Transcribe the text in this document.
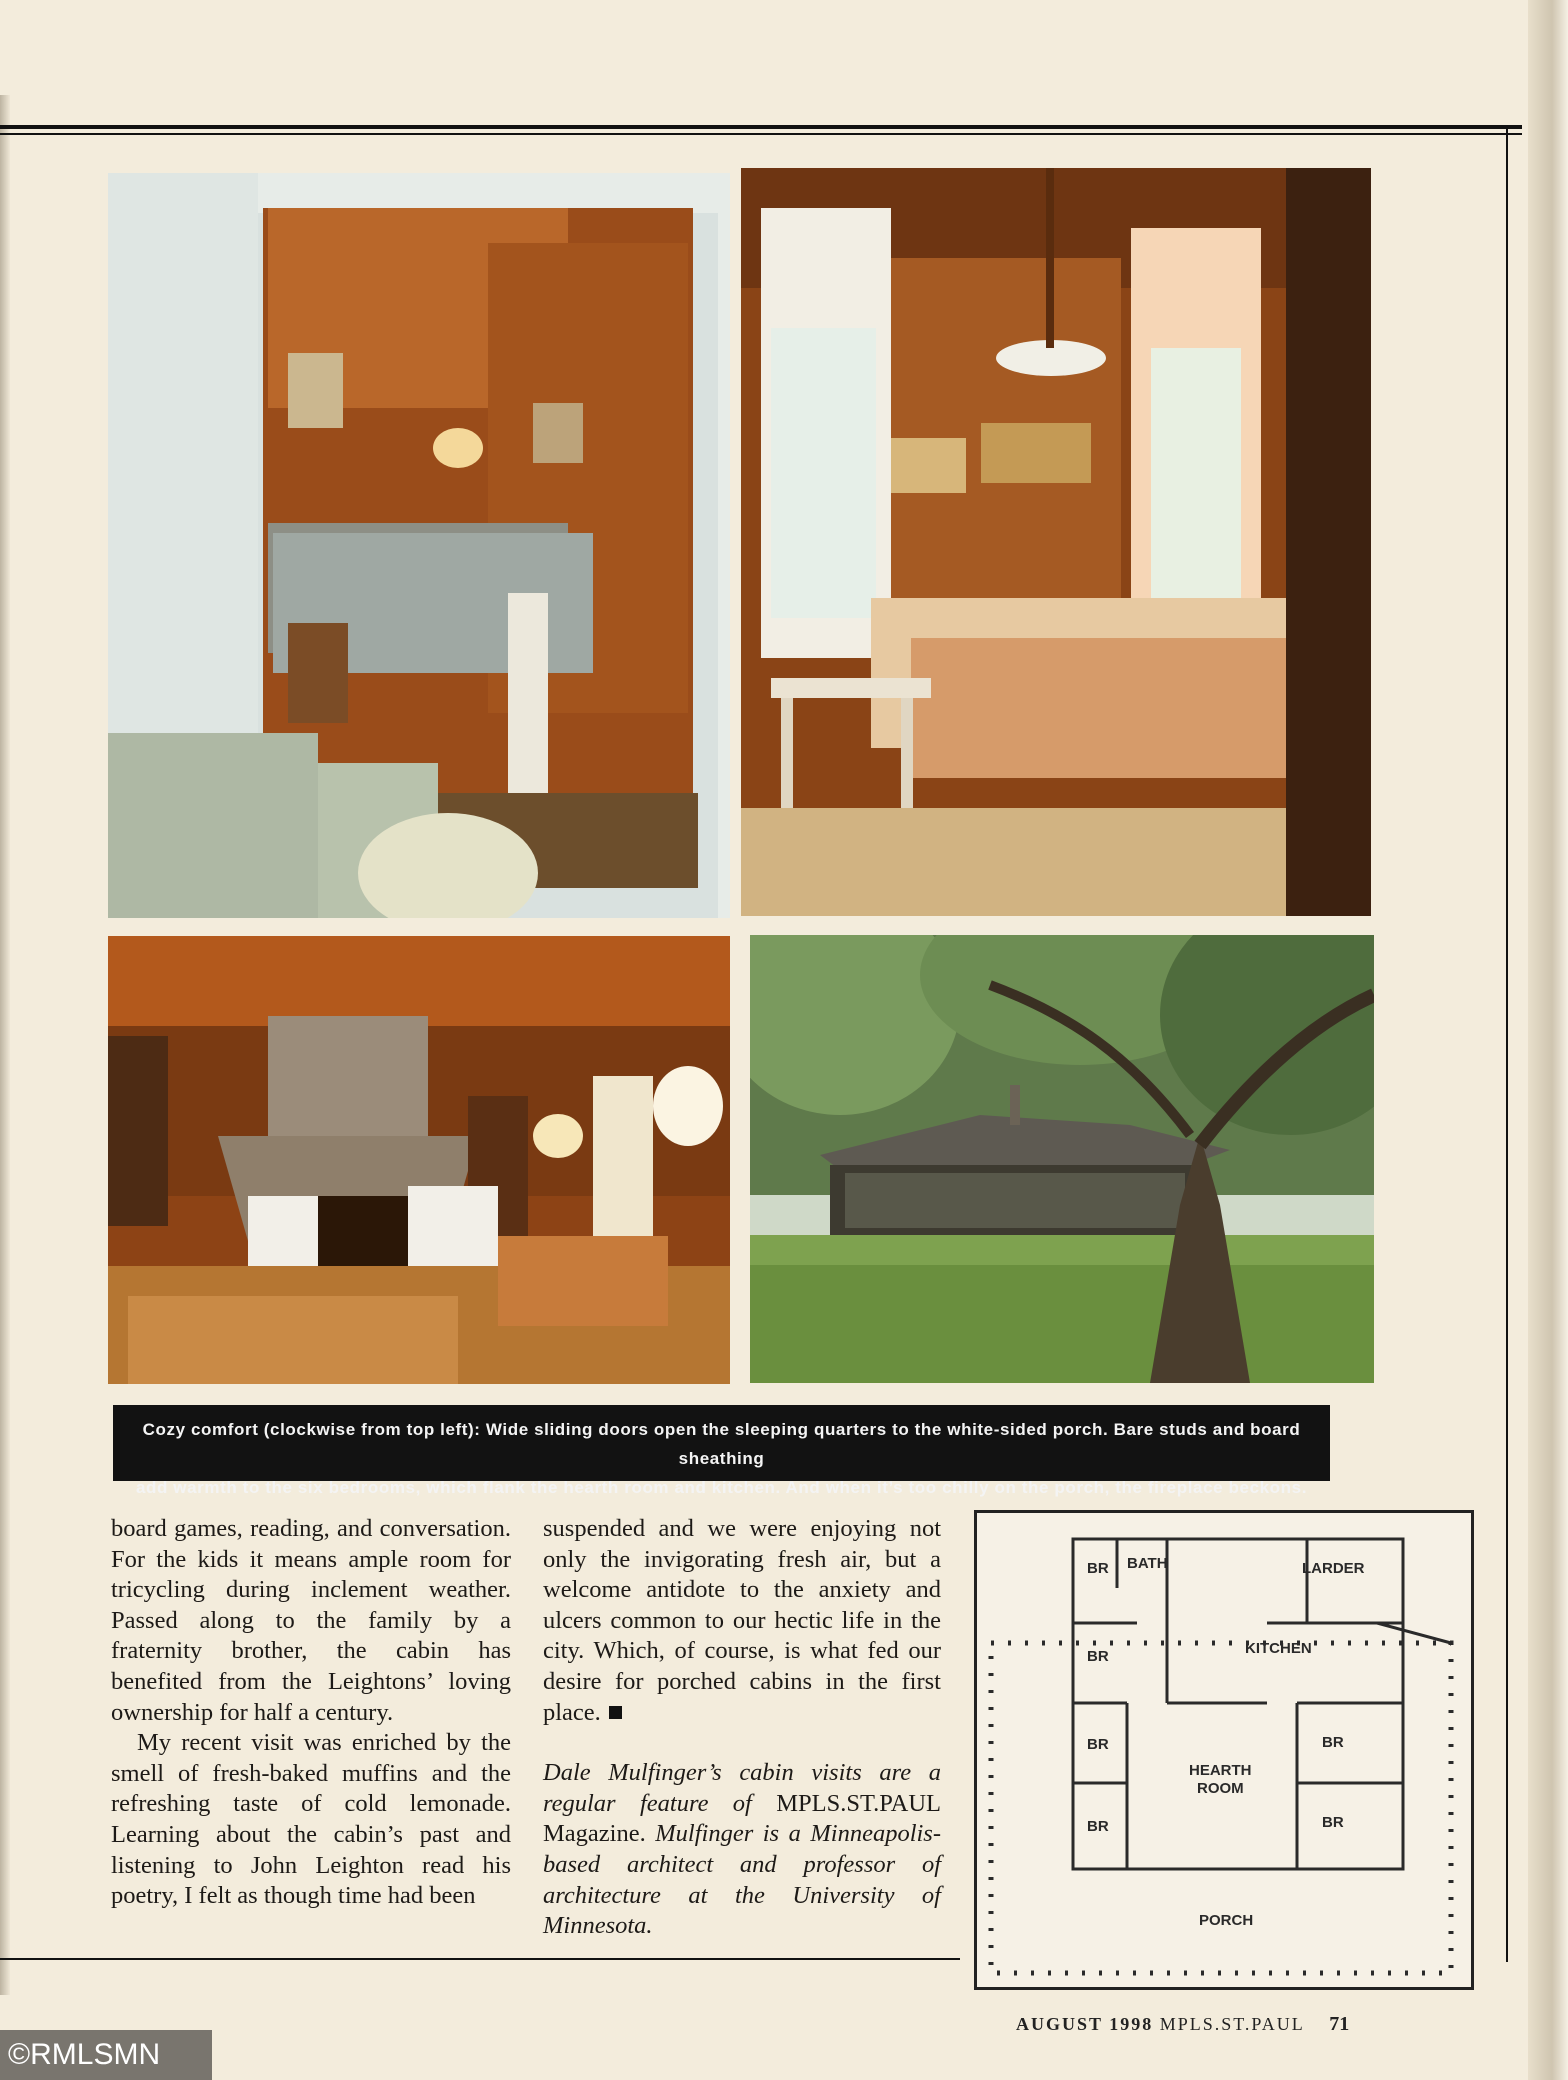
Cozy comfort (clockwise from top left): Wide sliding doors open the sleeping quarters to the white-sided porch. Bare studs and board sheathing
add warmth to the six bedrooms, which flank the hearth room and kitchen. And when it’s too chilly on the porch, the fireplace beckons.

board games, reading, and conversation. For the kids it means ample room for tricycling during inclement weather. Passed along to the family by a fraternity brother, the cabin has benefited from the Leightons’ loving ownership for half a century.

My recent visit was enriched by the smell of fresh-baked muffins and the refreshing taste of cold lemonade. Learning about the cabin’s past and listening to John Leighton read his poetry, I felt as though time had been

suspended and we were enjoying not only the invigorating fresh air, but a welcome antidote to the anxiety and ulcers common to our hectic life in the city. Which, of course, is what fed our desire for porched cabins in the first place.

Dale Mulfinger’s cabin visits are a regular feature of MPLS.ST.PAUL Magazine. Mulfinger is a Minneapolis-based architect and professor of architecture at the University of Minnesota.

BR BATH	LARDER
BR	KITCHEN
BR	BR
HEARTH
ROOM
BR	BR
PORCH
AUGUST 1998 MPLS.ST.PAUL 71
©RMLSMN
